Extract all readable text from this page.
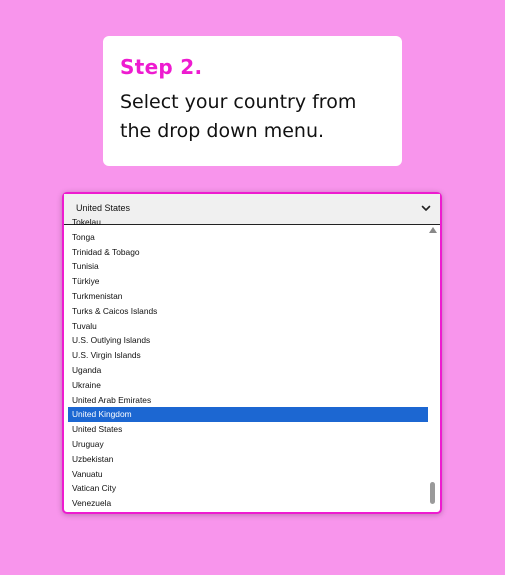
Step 2.

Select your country from
the drop down menu.

United States
Tokelau
Tonga
Trinidad & Tobago
Tunisia
Türkiye
Turkmenistan
Turks & Caicos Islands
Tuvalu
U.S. Outlying Islands
U.S. Virgin Islands
Uganda
Ukraine
United Arab Emirates
United Kingdom
United States
Uruguay
Uzbekistan
Vanuatu
Vatican City
Venezuela
